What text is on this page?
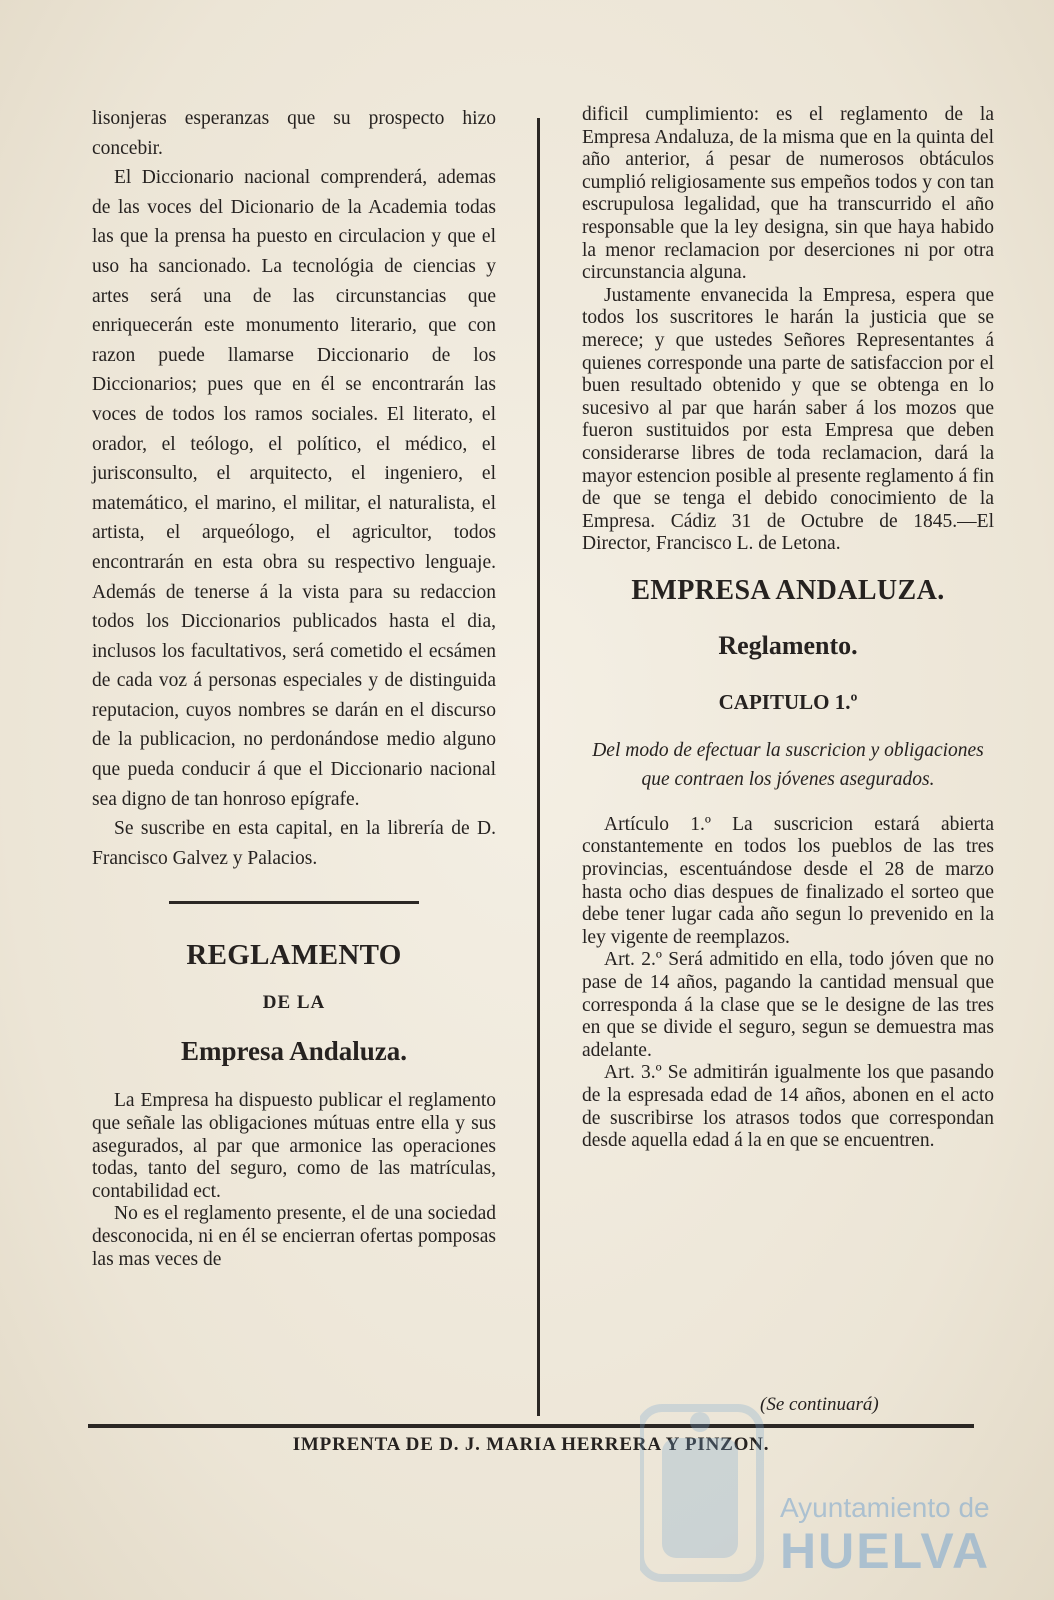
lisonjeras esperanzas que su prospecto hizo concebir.

El Diccionario nacional comprenderá, ademas de las voces del Dicionario de la Academia todas las que la prensa ha puesto en circulacion y que el uso ha sancionado. La tecnológia de ciencias y artes será una de las circunstancias que enriquecerán este monumento literario, que con razon puede llamarse Diccionario de los Diccionarios; pues que en él se encontrarán las voces de todos los ramos sociales. El literato, el orador, el teólogo, el político, el médico, el jurisconsulto, el arquitecto, el ingeniero, el matemático, el marino, el militar, el naturalista, el artista, el arqueólogo, el agricultor, todos encontrarán en esta obra su respectivo lenguaje. Además de tenerse á la vista para su redaccion todos los Diccionarios publicados hasta el dia, inclusos los facultativos, será cometido el ecsámen de cada voz á personas especiales y de distinguida reputacion, cuyos nombres se darán en el discurso de la publicacion, no perdonándose medio alguno que pueda conducir á que el Diccionario nacional sea digno de tan honroso epígrafe.

Se suscribe en esta capital, en la librería de D. Francisco Galvez y Palacios.

REGLAMENTO
DE LA
Empresa Andaluza.

La Empresa ha dispuesto publicar el reglamento que señale las obligaciones mútuas entre ella y sus asegurados, al par que armonice las operaciones todas, tanto del seguro, como de las matrículas, contabilidad ect.

No es el reglamento presente, el de una sociedad desconocida, ni en él se encierran ofertas pomposas las mas veces de

dificil cumplimiento: es el reglamento de la Empresa Andaluza, de la misma que en la quinta del año anterior, á pesar de numerosos obtáculos cumplió religiosamente sus empeños todos y con tan escrupulosa legalidad, que ha transcurrido el año responsable que la ley designa, sin que haya habido la menor reclamacion por deserciones ni por otra circunstancia alguna.

Justamente envanecida la Empresa, espera que todos los suscritores le harán la justicia que se merece; y que ustedes Señores Representantes á quienes corresponde una parte de satisfaccion por el buen resultado obtenido y que se obtenga en lo sucesivo al par que harán saber á los mozos que fueron sustituidos por esta Empresa que deben considerarse libres de toda reclamacion, dará la mayor estencion posible al presente reglamento á fin de que se tenga el debido conocimiento de la Empresa. Cádiz 31 de Octubre de 1845.—El Director, Francisco L. de Letona.

EMPRESA ANDALUZA.
Reglamento.
CAPITULO 1.º
Del modo de efectuar la suscricion y obligaciones que contraen los jóvenes asegurados.

Artículo 1.º La suscricion estará abierta constantemente en todos los pueblos de las tres provincias, escentuándose desde el 28 de marzo hasta ocho dias despues de finalizado el sorteo que debe tener lugar cada año segun lo prevenido en la ley vigente de reemplazos.

Art. 2.º Será admitido en ella, todo jóven que no pase de 14 años, pagando la cantidad mensual que corresponda á la clase que se le designe de las tres en que se divide el seguro, segun se demuestra mas adelante.

Art. 3.º Se admitirán igualmente los que pasando de la espresada edad de 14 años, abonen en el acto de suscribirse los atrasos todos que correspondan desde aquella edad á la en que se encuentren.

(Se continuará)
IMPRENTA DE D. J. MARIA HERRERA Y PINZON.
Ayuntamiento de
HUELVA
